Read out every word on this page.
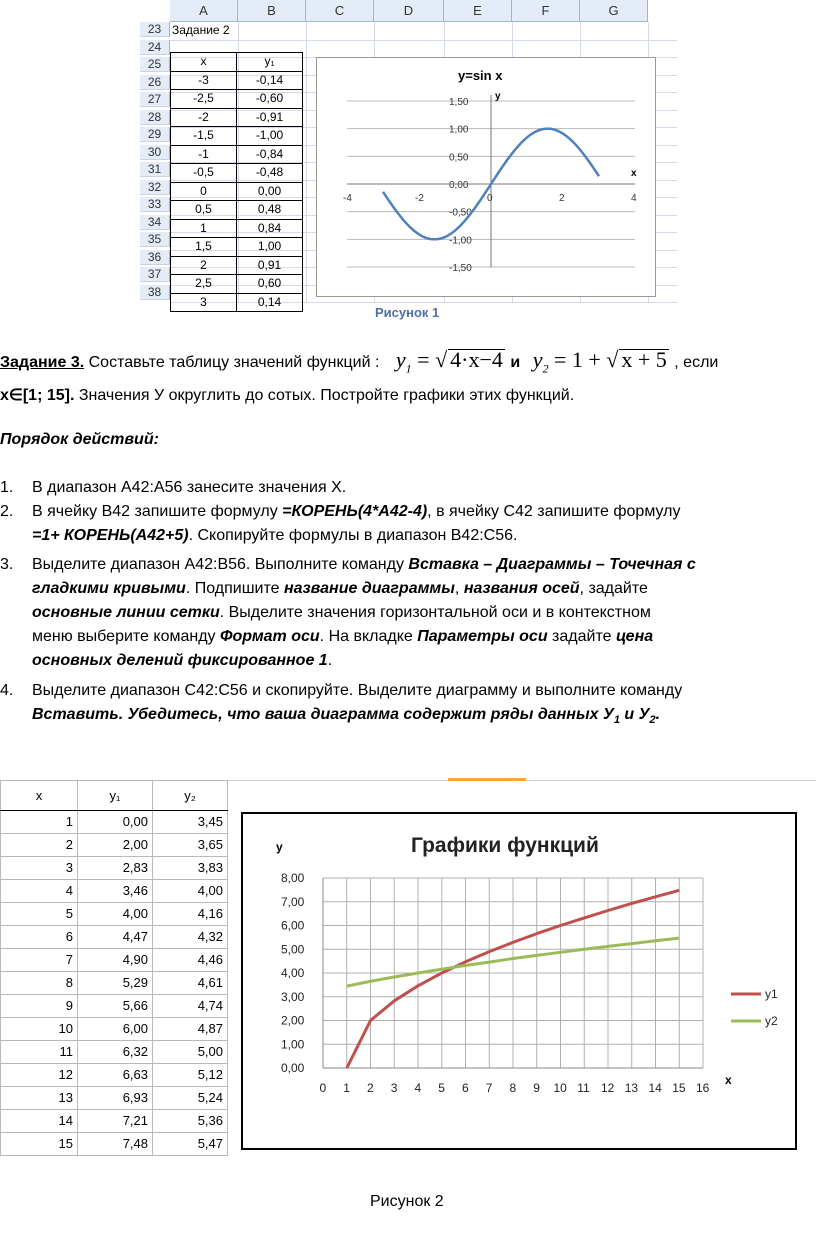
A	B	C	D	E	F	G
23
24
25
26
27
28
29
30
31
32
33
34
35
36
37
38
Задание 2
x	y₁
-3	-0,14
-2,5	-0,60
-2	-0,91
-1,5	-1,00
-1	-0,84
-0,5	-0,48
0	0,00
0,5	0,48
1	0,84
1,5	1,00
2	0,91
2,5	0,60
3	0,14
1,50
1,00
0,50
0,00
-0,50
-1,00
-1,50
-4	-2	0	2	4
y=sin x
y
x
Рисунок 1
Задание 3. Составьте таблицу значений функций : $y_1$ = √ 4·x−4 и $y_2 = 1$ + √ x + 5 , если
x∈[1; 15]. Значения У округлить до сотых. Постройте графики этих функций.
Порядок действий:
1. В диапазон А42:А56 занесите значения Х.
2. В ячейку В42 запишите формулу =КОРЕНЬ(4*А42-4), в ячейку С42 запишите формулу
=1+ КОРЕНЬ(А42+5). Скопируйте формулы в диапазон В42:С56.
3. Выделите диапазон А42:В56. Выполните команду Вставка – Диаграммы – Точечная с
гладкими кривыми. Подпишите название диаграммы, названия осей, задайте
основные линии сетки. Выделите значения горизонтальной оси и в контекстном
меню выберите команду Формат оси. На вкладке Параметры оси задайте цена
основных делений фиксированное 1.
4. Выделите диапазон С42:С56 и скопируйте. Выделите диаграмму и выполните команду
Вставить. Убедитесь, что ваша диаграмма содержит ряды данных $У_1$ и $У_2$.
x	y₁	y₂
1	0,00	3,45
2	2,00	3,65
3	2,83	3,83
4	3,46	4,00
5	4,00	4,16
6	4,47	4,32
7	4,90	4,46
8	5,29	4,61
9	5,66	4,74
10	6,00	4,87
11	6,32	5,00
12	6,63	5,12
13	6,93	5,24
14	7,21	5,36
15	7,48	5,47
0,00
1,00
2,00
3,00
4,00
5,00
6,00
7,00
8,00
0 1 2 3 4 5 6 7 8 9 10 11 12 13 14 15 16
Графики функций
y
x
y1
y2
Рисунок 2
